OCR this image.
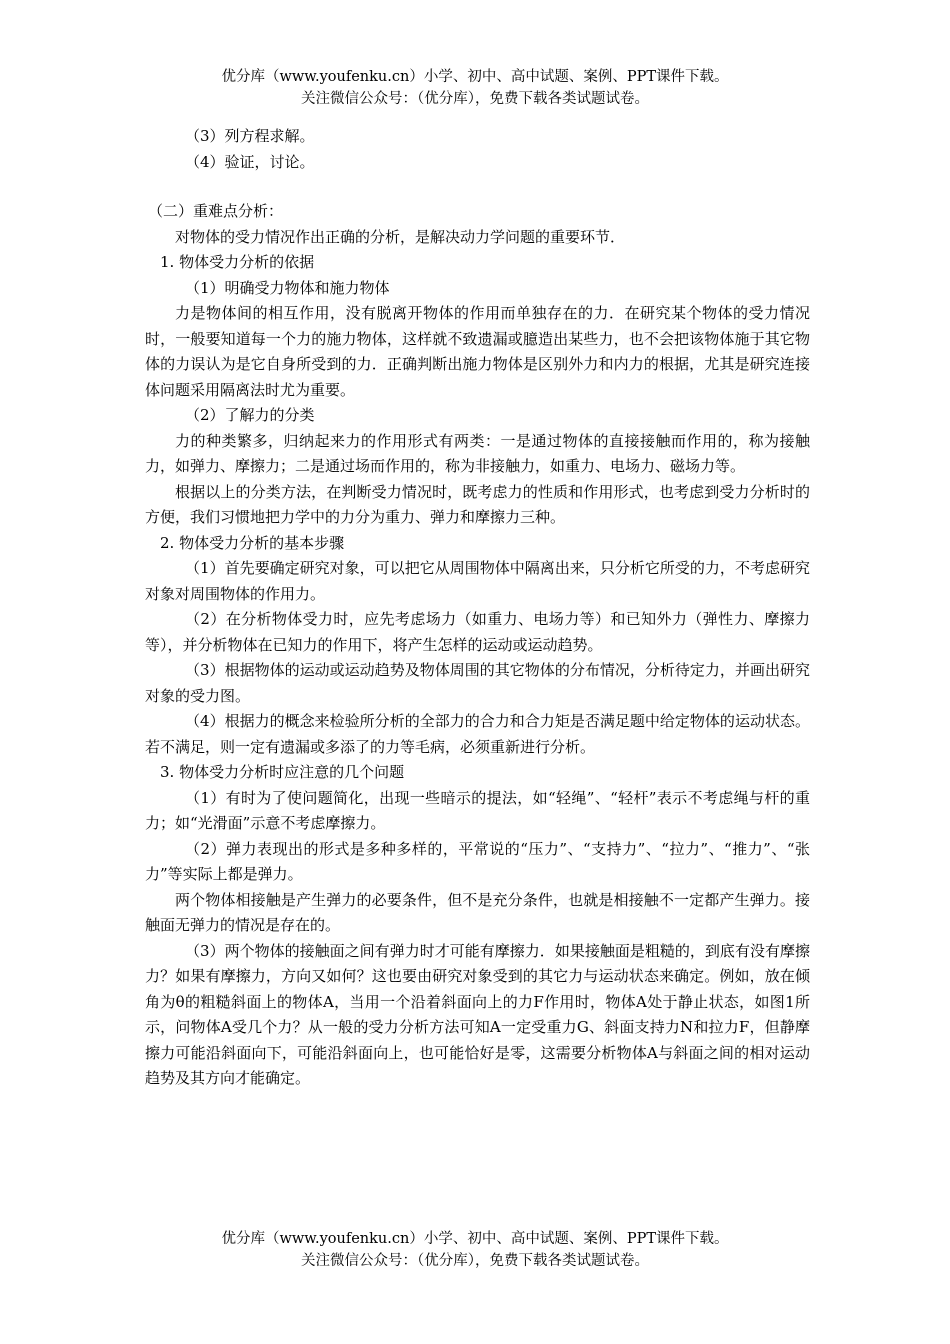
优分库（www.youfenku.cn）小学、初中、高中试题、案例、PPT课件下载。
关注微信公众号：（优分库），免费下载各类试题试卷。

（3）列方程求解。

（4）验证，讨论。

（二）重难点分析：

对物体的受力情况作出正确的分析，是解决动力学问题的重要环节．

1. 物体受力分析的依据

（1）明确受力物体和施力物体

力是物体间的相互作用，没有脱离开物体的作用而单独存在的力．在研究某个物体的受力情况时，一般要知道每一个力的施力物体，这样就不致遗漏或臆造出某些力，也不会把该物体施于其它物体的力误认为是它自身所受到的力．正确判断出施力物体是区别外力和内力的根据，尤其是研究连接体问题采用隔离法时尤为重要。

（2）了解力的分类

力的种类繁多，归纳起来力的作用形式有两类：一是通过物体的直接接触而作用的，称为接触力，如弹力、摩擦力；二是通过场而作用的，称为非接触力，如重力、电场力、磁场力等。

根据以上的分类方法，在判断受力情况时，既考虑力的性质和作用形式，也考虑到受力分析时的方便，我们习惯地把力学中的力分为重力、弹力和摩擦力三种。

2. 物体受力分析的基本步骤

（1）首先要确定研究对象，可以把它从周围物体中隔离出来，只分析它所受的力，不考虑研究对象对周围物体的作用力。

（2）在分析物体受力时，应先考虑场力（如重力、电场力等）和已知外力（弹性力、摩擦力等），并分析物体在已知力的作用下，将产生怎样的运动或运动趋势。

（3）根据物体的运动或运动趋势及物体周围的其它物体的分布情况，分析待定力，并画出研究对象的受力图。

（4）根据力的概念来检验所分析的全部力的合力和合力矩是否满足题中给定物体的运动状态。若不满足，则一定有遗漏或多添了的力等毛病，必须重新进行分析。

3. 物体受力分析时应注意的几个问题

（1）有时为了使问题简化，出现一些暗示的提法，如“轻绳”、“轻杆”表示不考虑绳与杆的重力；如“光滑面”示意不考虑摩擦力。

（2）弹力表现出的形式是多种多样的，平常说的“压力”、“支持力”、“拉力”、“推力”、“张力”等实际上都是弹力。

两个物体相接触是产生弹力的必要条件，但不是充分条件，也就是相接触不一定都产生弹力。接触面无弹力的情况是存在的。

（3）两个物体的接触面之间有弹力时才可能有摩擦力．如果接触面是粗糙的，到底有没有摩擦力？如果有摩擦力，方向又如何？这也要由研究对象受到的其它力与运动状态来确定。例如，放在倾角为θ的粗糙斜面上的物体A，当用一个沿着斜面向上的力F作用时，物体A处于静止状态，如图1所示，问物体A受几个力？从一般的受力分析方法可知A一定受重力G、斜面支持力N和拉力F，但静摩擦力可能沿斜面向下，可能沿斜面向上，也可能恰好是零，这需要分析物体A与斜面之间的相对运动趋势及其方向才能确定。

优分库（www.youfenku.cn）小学、初中、高中试题、案例、PPT课件下载。
关注微信公众号：（优分库），免费下载各类试题试卷。
